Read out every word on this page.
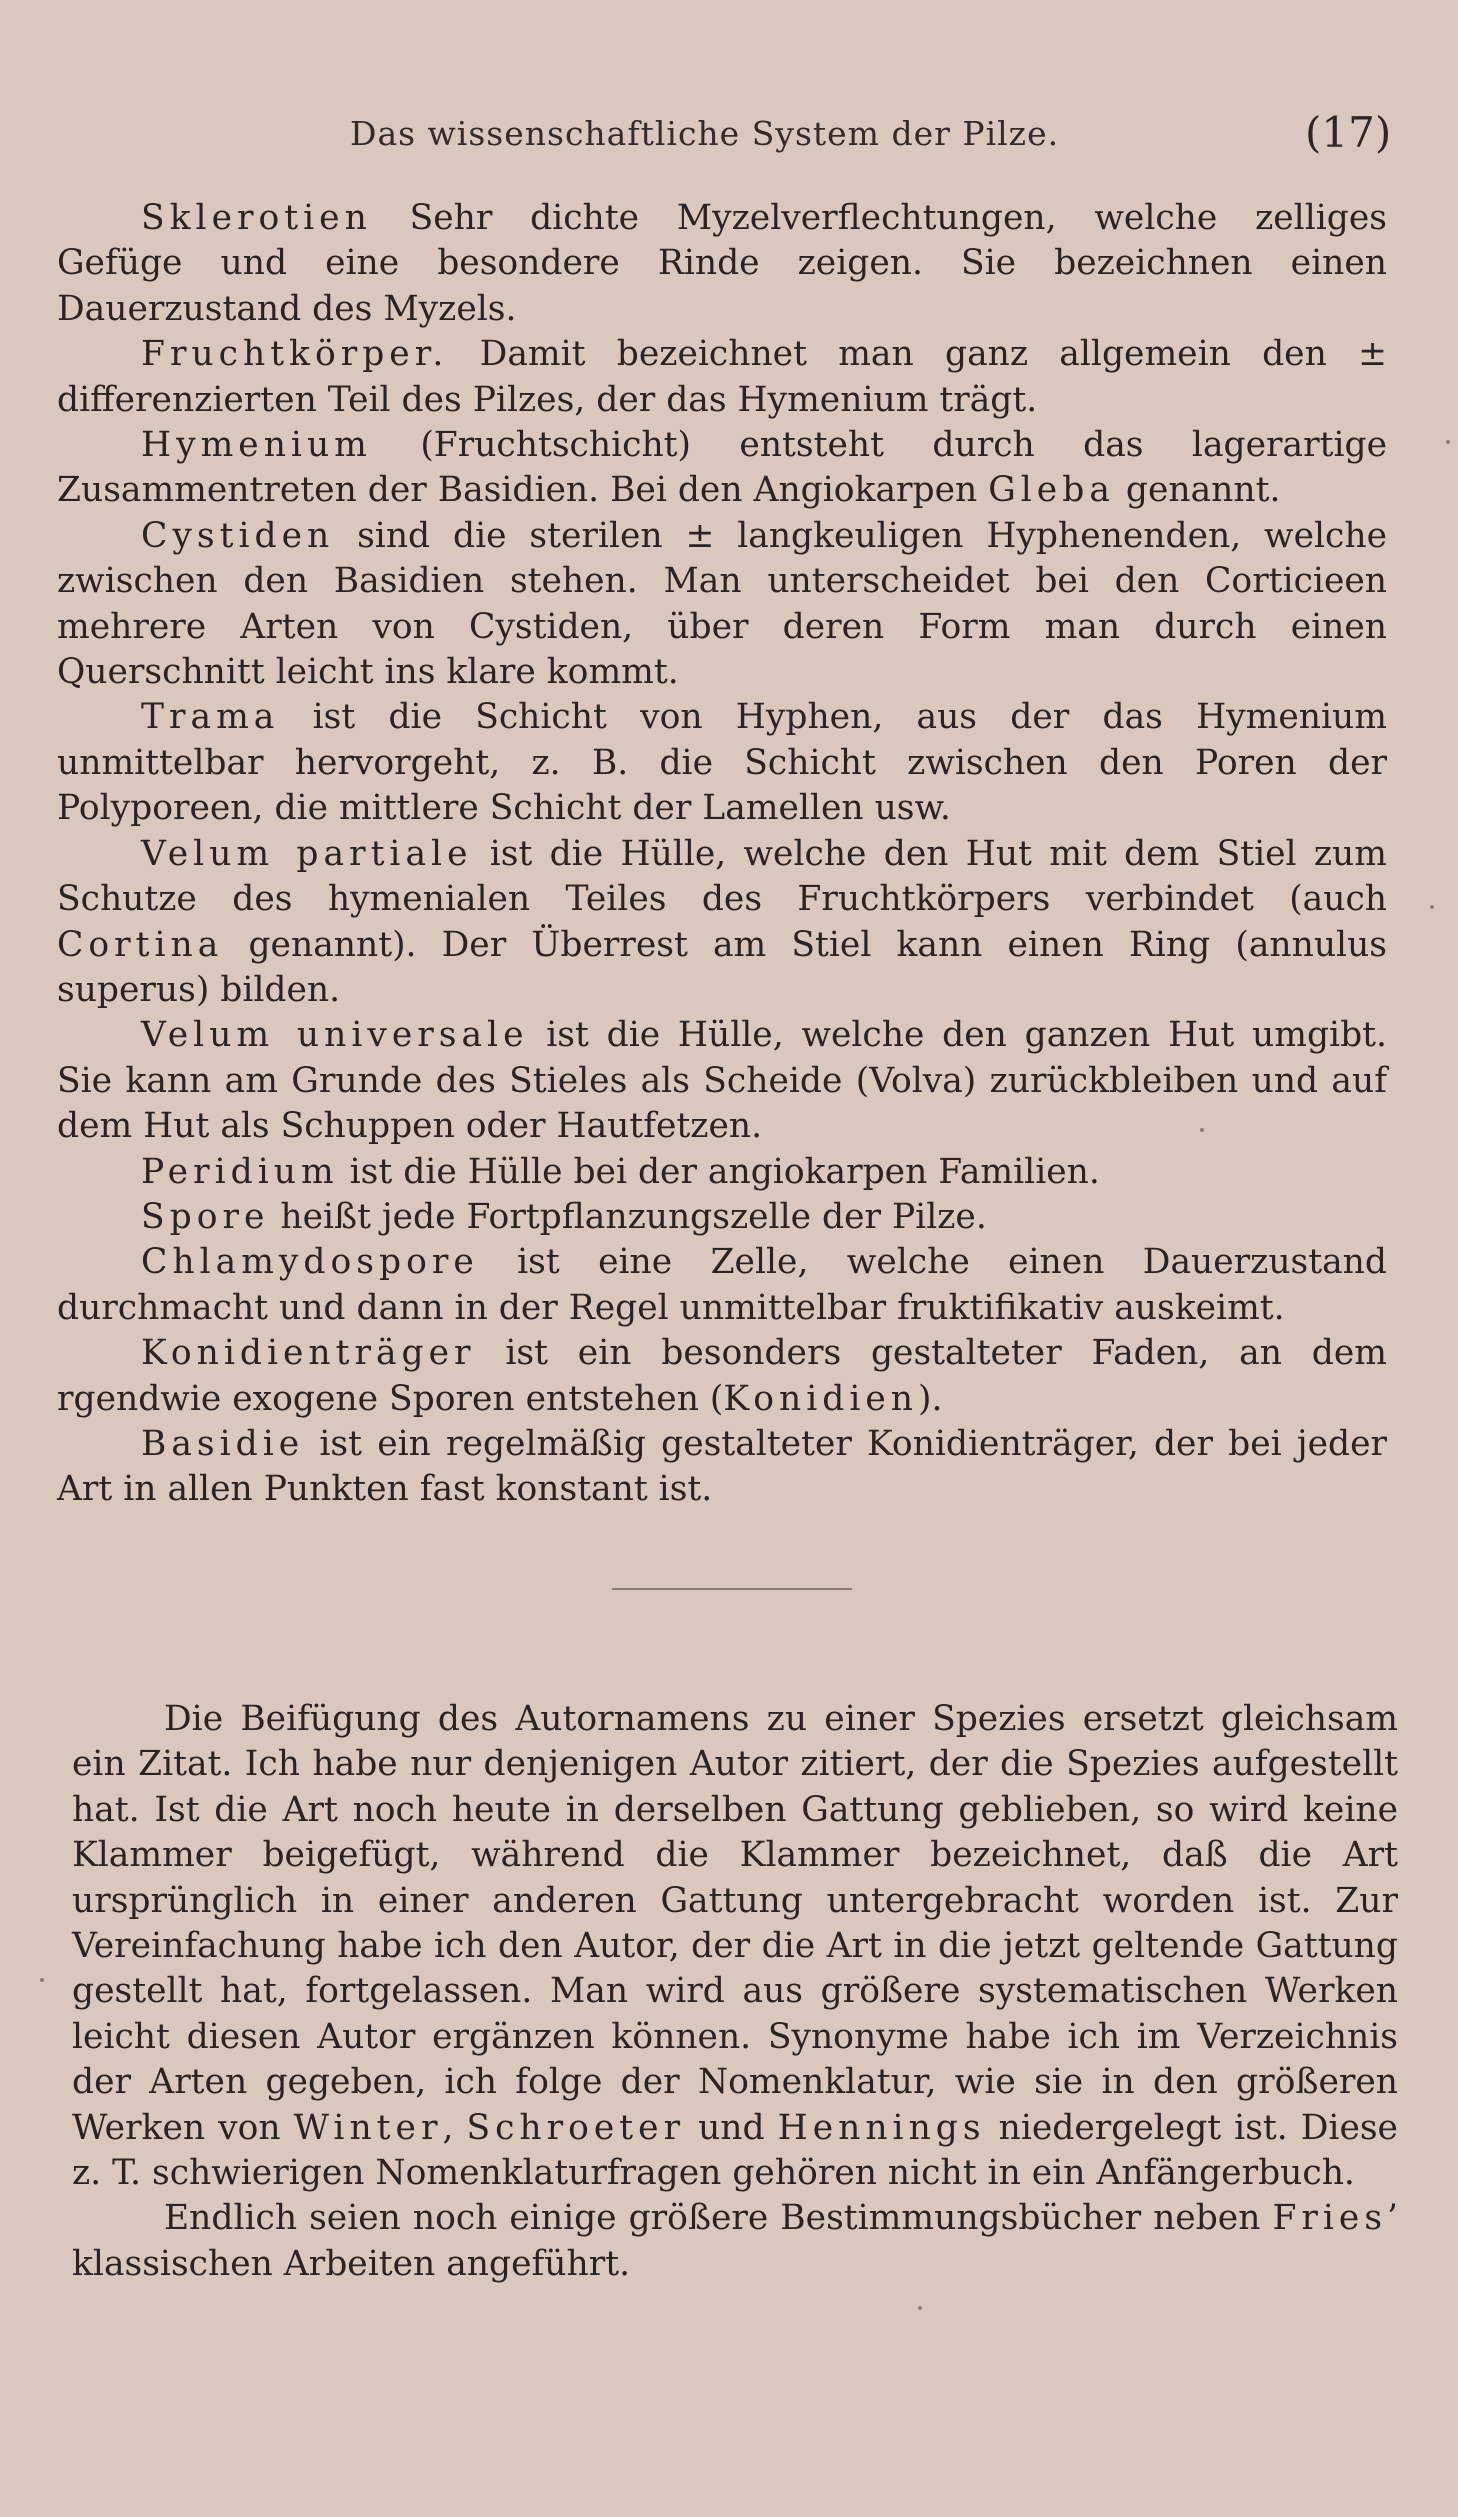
Das wissenschaftliche System der Pilze.	(17)

Sklerotien Sehr dichte Myzelverflechtungen, welche zelliges Gefüge und eine besondere Rinde zeigen. Sie bezeichnen einen Dauerzustand des Myzels.

Fruchtkörper. Damit bezeichnet man ganz allgemein den ± differenzierten Teil des Pilzes, der das Hymenium trägt.

Hymenium (Fruchtschicht) entsteht durch das lagerartige Zusammentreten der Basidien. Bei den Angiokarpen Gleba genannt.

Cystiden sind die sterilen ± langkeuligen Hyphenenden, welche zwischen den Basidien stehen. Man unterscheidet bei den Corticieen mehrere Arten von Cystiden, über deren Form man durch einen Querschnitt leicht ins klare kommt.

Trama ist die Schicht von Hyphen, aus der das Hymenium unmittelbar hervorgeht, z. B. die Schicht zwischen den Poren der Polyporeen, die mittlere Schicht der Lamellen usw.

Velum partiale ist die Hülle, welche den Hut mit dem Stiel zum Schutze des hymenialen Teiles des Fruchtkörpers verbindet (auch Cortina genannt). Der Überrest am Stiel kann einen Ring (annulus superus) bilden.

Velum universale ist die Hülle, welche den ganzen Hut umgibt. Sie kann am Grunde des Stieles als Scheide (Volva) zurückbleiben und auf dem Hut als Schuppen oder Hautfetzen.

Peridium ist die Hülle bei der angiokarpen Familien.

Spore heißt jede Fortpflanzungszelle der Pilze.

Chlamydospore ist eine Zelle, welche einen Dauerzustand durchmacht und dann in der Regel unmittelbar fruktifikativ auskeimt.

Konidienträger ist ein besonders gestalteter Faden, an dem rgendwie exogene Sporen entstehen (Konidien).

Basidie ist ein regelmäßig gestalteter Konidienträger, der bei jeder Art in allen Punkten fast konstant ist.

Die Beifügung des Autornamens zu einer Spezies ersetzt gleichsam ein Zitat. Ich habe nur denjenigen Autor zitiert, der die Spezies aufgestellt hat. Ist die Art noch heute in derselben Gattung geblieben, so wird keine Klammer beigefügt, während die Klammer bezeichnet, daß die Art ursprünglich in einer anderen Gattung untergebracht worden ist. Zur Vereinfachung habe ich den Autor, der die Art in die jetzt geltende Gattung gestellt hat, fortgelassen. Man wird aus größere systematischen Werken leicht diesen Autor ergänzen können. Synonyme habe ich im Verzeichnis der Arten gegeben, ich folge der Nomenklatur, wie sie in den größeren Werken von Winter, Schroeter und Hennings niedergelegt ist. Diese z. T. schwierigen Nomenklaturfragen gehören nicht in ein Anfängerbuch.

Endlich seien noch einige größere Bestimmungsbücher neben Fries’ klassischen Arbeiten angeführt.
